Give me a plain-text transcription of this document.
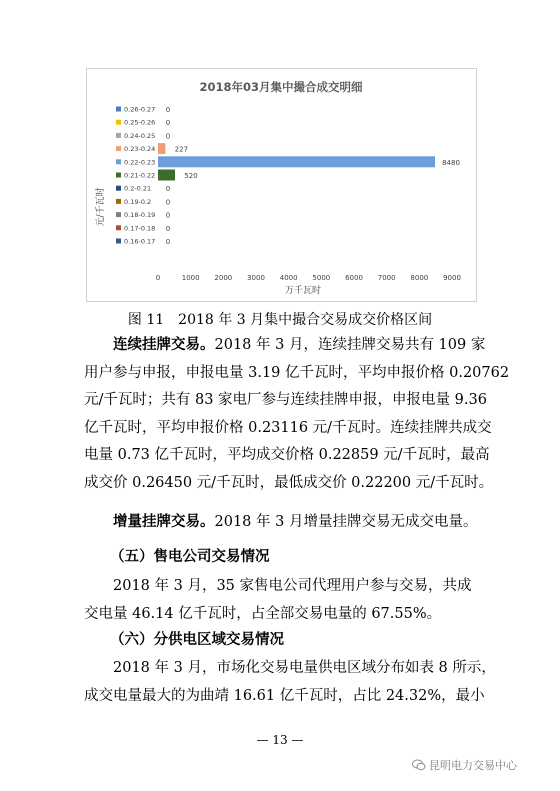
2018年03月集中撮合成交明细
元/千瓦时
万千瓦时
0.26-0.27
0.25-0.26
0.24-0.25
0.23-0.24
0.22-0.23
0.21-0.22
0.2-0.21
0.19-0.2
0.18-0.19
0.17-0.18
0.16-0.17
0
0
0
227
8480
520
0
0
0
0
0
0	1000 2000 3000 4000 5000 6000 7000 8000 9000
图 11　2018 年 3 月集中撮合交易成交价格区间
连续挂牌交易。2018 年 3 月，连续挂牌交易共有 109 家
用户参与申报，申报电量 3.19 亿千瓦时，平均申报价格 0.20762
元/千瓦时；共有 83 家电厂参与连续挂牌申报，申报电量 9.36
亿千瓦时，平均申报价格 0.23116 元/千瓦时。连续挂牌共成交
电量 0.73 亿千瓦时，平均成交价格 0.22859 元/千瓦时，最高
成交价 0.26450 元/千瓦时，最低成交价 0.22200 元/千瓦时。
增量挂牌交易。2018 年 3 月增量挂牌交易无成交电量。
（五）售电公司交易情况
2018 年 3 月，35 家售电公司代理用户参与交易，共成
交电量 46.14 亿千瓦时，占全部交易电量的 67.55%。
（六）分供电区域交易情况
2018 年 3 月，市场化交易电量供电区域分布如表 8 所示，
成交电量最大的为曲靖 16.61 亿千瓦时，占比 24.32%，最小
— 13 —
昆明电力交易中心
